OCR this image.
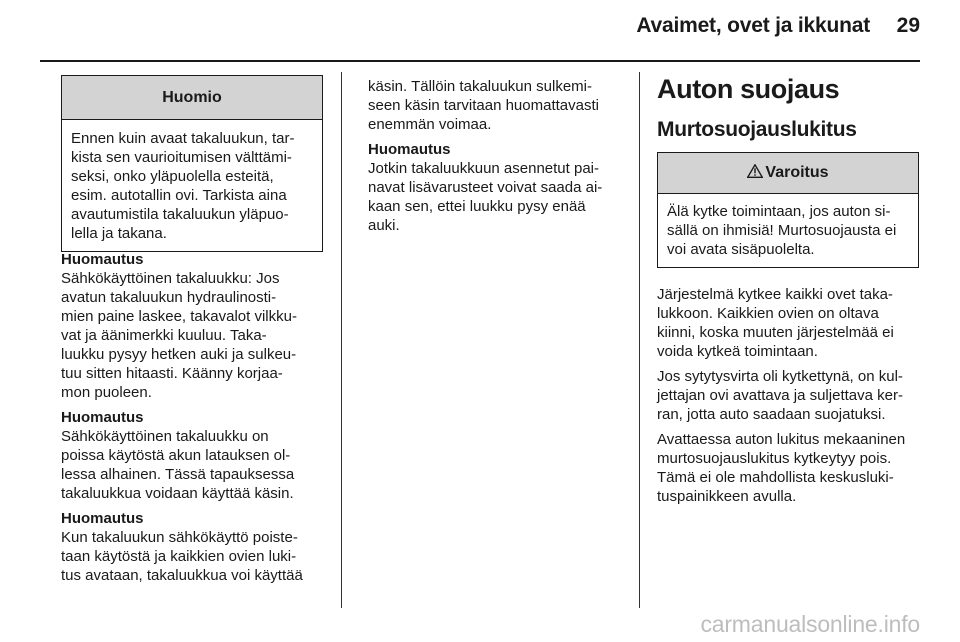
Avaimet, ovet ja ikkunat 29
Huomio

Ennen kuin avaat takaluukun, tar-

kista sen vaurioitumisen välttämi-

seksi, onko yläpuolella esteitä,

esim. autotallin ovi. Tarkista aina

avautumistila takaluukun yläpuo-

lella ja takana.

Huomautus

Sähkökäyttöinen takaluukku: Jos

avatun takaluukun hydraulinosti-

mien paine laskee, takavalot vilkku-

vat ja äänimerkki kuuluu. Taka-

luukku pysyy hetken auki ja sulkeu-

tuu sitten hitaasti. Käänny korjaa-

mon puoleen.

Huomautus

Sähkökäyttöinen takaluukku on

poissa käytöstä akun latauksen ol-

lessa alhainen. Tässä tapauksessa

takaluukkua voidaan käyttää käsin.

Huomautus

Kun takaluukun sähkökäyttö poiste-

taan käytöstä ja kaikkien ovien luki-

tus avataan, takaluukkua voi käyttää

käsin. Tällöin takaluukun sulkemi-

seen käsin tarvitaan huomattavasti

enemmän voimaa.

Huomautus

Jotkin takaluukkuun asennetut pai-

navat lisävarusteet voivat saada ai-

kaan sen, ettei luukku pysy enää

auki.

Auton suojaus
Murtosuojauslukitus
Varoitus

Älä kytke toimintaan, jos auton si-

sällä on ihmisiä! Murtosuojausta ei

voi avata sisäpuolelta.

Järjestelmä kytkee kaikki ovet taka-

lukkoon. Kaikkien ovien on oltava

kiinni, koska muuten järjestelmää ei

voida kytkeä toimintaan.

Jos sytytysvirta oli kytkettynä, on kul-

jettajan ovi avattava ja suljettava ker-

ran, jotta auto saadaan suojatuksi.

Avattaessa auton lukitus mekaaninen

murtosuojauslukitus kytkeytyy pois.

Tämä ei ole mahdollista keskusluki-

tuspainikkeen avulla.

carmanualsonline.info
